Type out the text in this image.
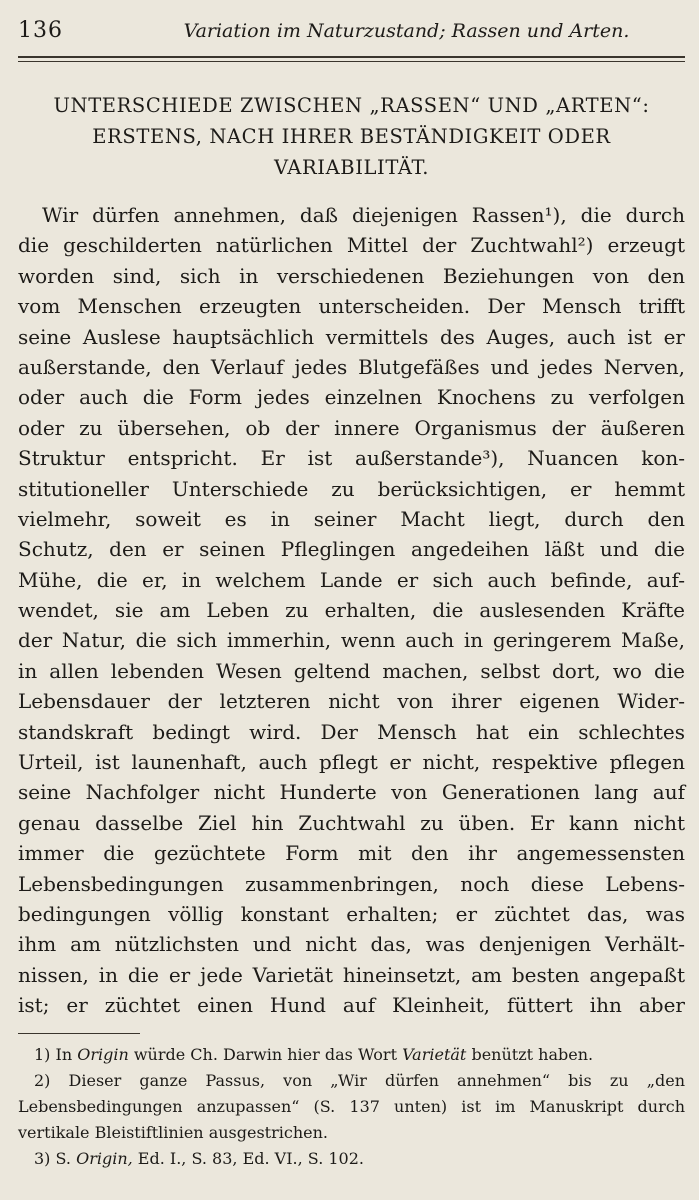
136	Variation im Naturzustand; Rassen und Arten.
UNTERSCHIEDE ZWISCHEN „RASSEN“ UND „ARTEN“:
ERSTENS, NACH IHRER BESTÄNDIGKEIT ODER
VARIABILITÄT.
Wir dürfen annehmen, daß diejenigen Rassen¹), die durch
die geschilderten natürlichen Mittel der Zuchtwahl²) erzeugt
worden sind, sich in verschiedenen Beziehungen von den
vom Menschen erzeugten unterscheiden. Der Mensch trifft
seine Auslese hauptsächlich vermittels des Auges, auch ist er
außerstande, den Verlauf jedes Blutgefäßes und jedes Nerven,
oder auch die Form jedes einzelnen Knochens zu verfolgen
oder zu übersehen, ob der innere Organismus der äußeren
Struktur entspricht. Er ist außerstande³), Nuancen kon-
stitutioneller Unterschiede zu berücksichtigen, er hemmt
vielmehr, soweit es in seiner Macht liegt, durch den
Schutz, den er seinen Pfleglingen angedeihen läßt und die
Mühe, die er, in welchem Lande er sich auch befinde, auf-
wendet, sie am Leben zu erhalten, die auslesenden Kräfte
der Natur, die sich immerhin, wenn auch in geringerem Maße,
in allen lebenden Wesen geltend machen, selbst dort, wo die
Lebensdauer der letzteren nicht von ihrer eigenen Wider-
standskraft bedingt wird. Der Mensch hat ein schlechtes
Urteil, ist launenhaft, auch pflegt er nicht, respektive pflegen
seine Nachfolger nicht Hunderte von Generationen lang auf
genau dasselbe Ziel hin Zuchtwahl zu üben. Er kann nicht
immer die gezüchtete Form mit den ihr angemessensten
Lebensbedingungen zusammenbringen, noch diese Lebens-
bedingungen völlig konstant erhalten; er züchtet das, was
ihm am nützlichsten und nicht das, was denjenigen Verhält-
nissen, in die er jede Varietät hineinsetzt, am besten angepaßt
ist; er züchtet einen Hund auf Kleinheit, füttert ihn aber
1) In Origin würde Ch. Darwin hier das Wort Varietät benützt haben.
2) Dieser ganze Passus, von „Wir dürfen annehmen“ bis zu „den
Lebensbedingungen anzupassen“ (S. 137 unten) ist im Manuskript durch
vertikale Bleistiftlinien ausgestrichen.
3) S. Origin, Ed. I., S. 83, Ed. VI., S. 102.
